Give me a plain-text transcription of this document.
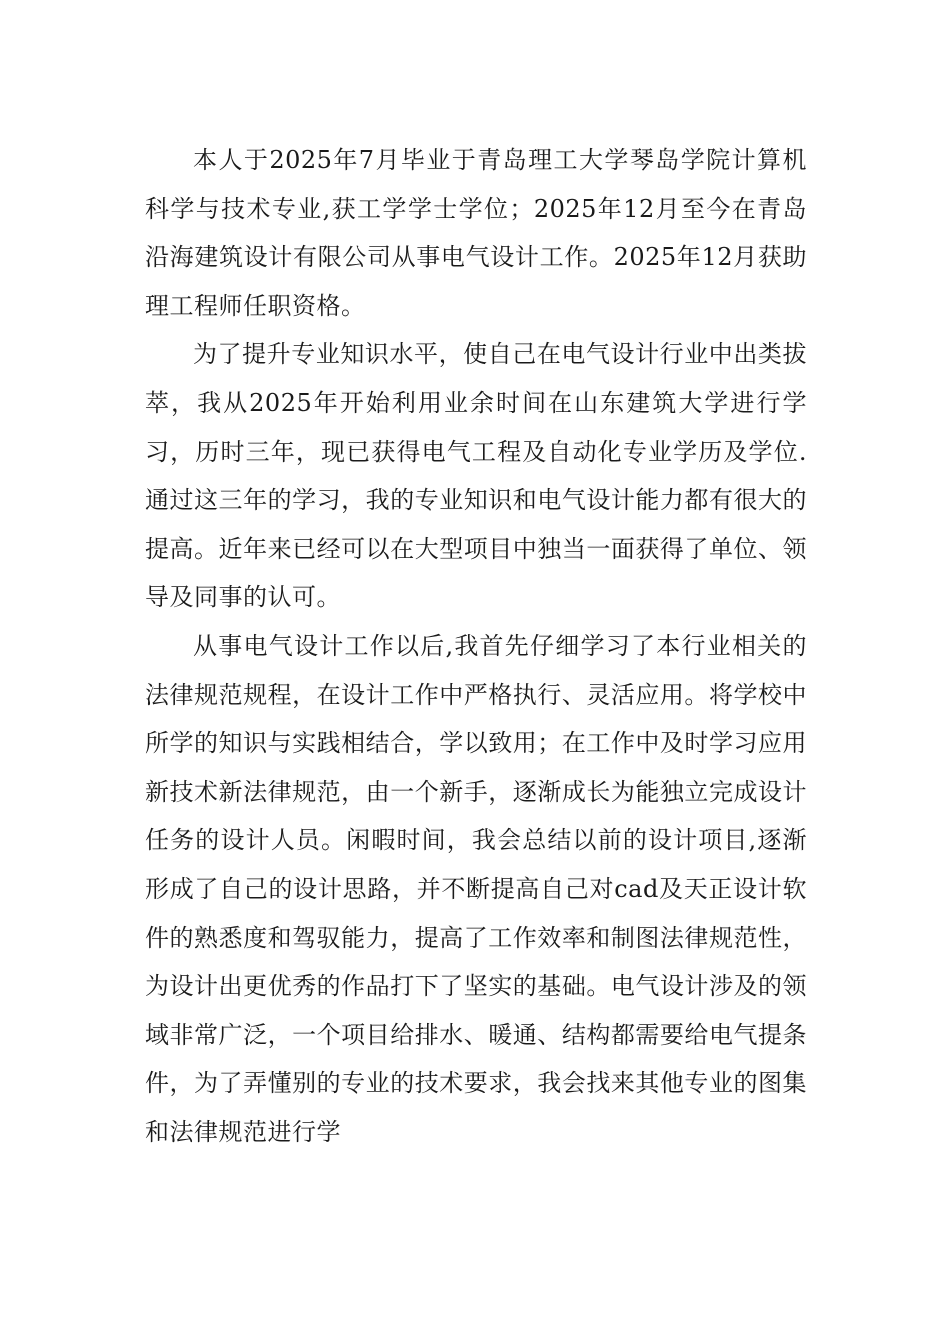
本人于2025年7月毕业于青岛理工大学琴岛学院计算机科学与技术专业,获工学学士学位；2025年12月至今在青岛沿海建筑设计有限公司从事电气设计工作。2025年12月获助理工程师任职资格。

为了提升专业知识水平，使自己在电气设计行业中出类拔萃，我从2025年开始利用业余时间在山东建筑大学进行学习，历时三年，现已获得电气工程及自动化专业学历及学位.通过这三年的学习，我的专业知识和电气设计能力都有很大的提高。近年来已经可以在大型项目中独当一面获得了单位、领导及同事的认可。

从事电气设计工作以后,我首先仔细学习了本行业相关的法律规范规程，在设计工作中严格执行、灵活应用。将学校中所学的知识与实践相结合，学以致用；在工作中及时学习应用新技术新法律规范，由一个新手，逐渐成长为能独立完成设计任务的设计人员。闲暇时间，我会总结以前的设计项目,逐渐形成了自己的设计思路，并不断提高自己对cad及天正设计软件的熟悉度和驾驭能力，提高了工作效率和制图法律规范性，为设计出更优秀的作品打下了坚实的基础。电气设计涉及的领域非常广泛，一个项目给排水、暖通、结构都需要给电气提条件，为了弄懂别的专业的技术要求，我会找来其他专业的图集和法律规范进行学
